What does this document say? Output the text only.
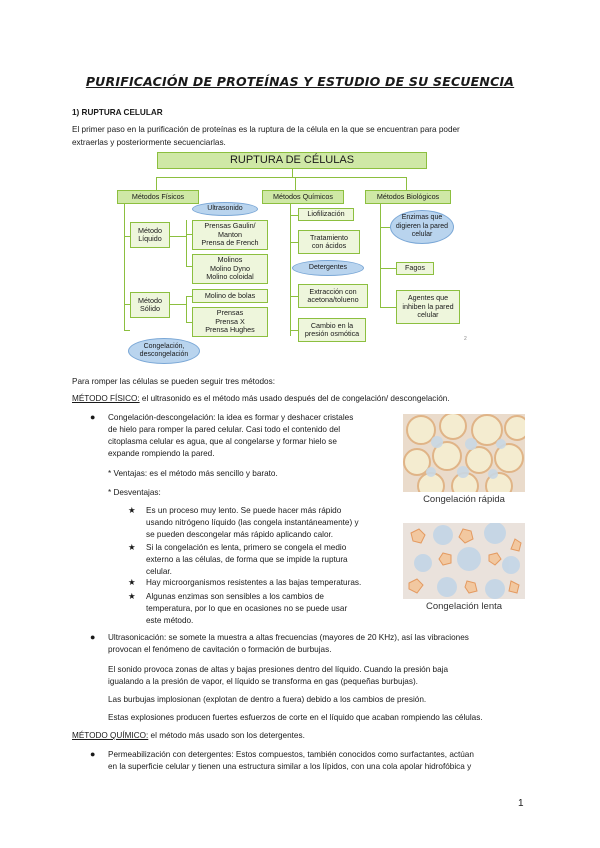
PURIFICACIÓN DE PROTEÍNAS Y ESTUDIO DE SU SECUENCIA
1) RUPTURA CELULAR
El primer paso en la purificación de proteínas es la ruptura de la célula en la que se encuentran para poder
extraerlas y posteriormente secuenciarlas.
RUPTURA DE CÉLULAS
Métodos Físicos	Métodos Químicos	Métodos Biológicos
Ultrasonido
Método
Líquido
Prensas Gaulin/
Manton
Prensa de French
Molinos
Molino Dyno
Molino coloidal
Método
Sólido
Molino de bolas
Prensas
Prensa X
Prensa Hughes
Congelación,
descongelación
Liofilización
Tratamiento
con ácidos
Detergentes
Extracción con
acetona/tolueno
Cambio en la
presión osmótica
Enzimas que
digieren la pared
celular
Fagos
Agentes que
inhiben la pared
celular
2
Para romper las células se pueden seguir tres métodos:
MÉTODO FÍSICO: el ultrasonido es el método más usado después del de congelación/ descongelación.
● Congelación-descongelación: la idea es formar y deshacer cristales
de hielo para romper la pared celular. Casi todo el contenido del
citoplasma celular es agua, que al congelarse y formar hielo se
expande rompiendo la pared.
* Ventajas: es el método más sencillo y barato.
* Desventajas:
★ Es un proceso muy lento. Se puede hacer más rápido
usando nitrógeno líquido (las congela instantáneamente) y
se pueden descongelar más rápido aplicando calor.
★ Si la congelación es lenta, primero se congela el medio
externo a las células, de forma que se impide la ruptura
celular.
★ Hay microorganismos resistentes a las bajas temperaturas.
★ Algunas enzimas son sensibles a los cambios de
temperatura, por lo que en ocasiones no se puede usar
este método.
Congelación rápida
Congelación lenta
● Ultrasonicación: se somete la muestra a altas frecuencias (mayores de 20 KHz), así las vibraciones
provocan el fenómeno de cavitación o formación de burbujas.
El sonido provoca zonas de altas y bajas presiones dentro del líquido. Cuando la presión baja
igualando a la presión de vapor, el líquido se transforma en gas (pequeñas burbujas).
Las burbujas implosionan (explotan de dentro a fuera) debido a los cambios de presión.
Estas explosiones producen fuertes esfuerzos de corte en el líquido que acaban rompiendo las células.
MÉTODO QUÍMICO: el método más usado son los detergentes.
● Permeabilización con detergentes: Estos compuestos, también conocidos como surfactantes, actúan
en la superficie celular y tienen una estructura similar a los lípidos, con una cola apolar hidrofóbica y
1
